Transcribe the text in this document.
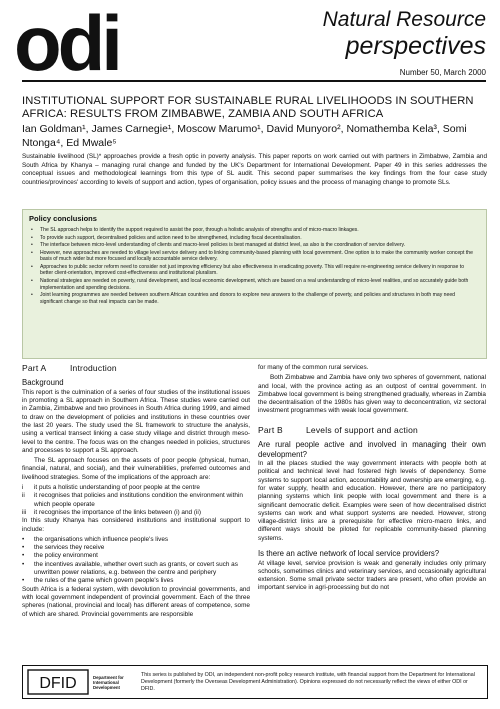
odi	Natural Resource
perspectives
Number 50, March 2000
INSTITUTIONAL SUPPORT FOR SUSTAINABLE RURAL LIVELIHOODS IN SOUTHERN AFRICA: RESULTS FROM ZIMBABWE, ZAMBIA AND SOUTH AFRICA
Ian Goldman¹, James Carnegie¹, Moscow Marumo¹, David Munyoro², Nomathemba Kela³, Somi Ntonga⁴, Ed Mwale⁵
Sustainable livelihood (SL)* approaches provide a fresh optic in poverty analysis. This paper reports on work carried out with partners in Zimbabwe, Zambia and South Africa by Khanya – managing rural change and funded by the UK's Department for International Development. Paper 49 in this series addresses the conceptual issues and methodological learnings from this type of SL audit. This second paper summarises the key findings from the four case study countries/provinces' according to levels of support and action, types of organisation, policy issues and the process of managing change to promote SLs.
Policy conclusions
• The SL approach helps to identify the support required to assist the poor, through a holistic analysis of strengths and of micro-macro linkages.
• To provide such support, decentralised policies and action need to be strengthened, including fiscal decentralisation.
• The interface between micro-level understanding of clients and macro-level policies is best managed at district level, as also is the coordination of service delivery.
• However, new approaches are needed to village level service delivery and to linking community-based planning with local government. One option is to make the community worker concept the basis of much wider but more focused and locally accountable service delivery.
• Approaches to public sector reform need to consider not just improving efficiency but also effectiveness in eradicating poverty. This will require re-engineering service delivery in response to better client-orientation, improved cost-effectiveness and institutional pluralism.
• National strategies are needed on poverty, rural development, and local economic development, which are based on a real understanding of micro-level realities, and so accurately guide both implementation and spending decisions.
• Joint learning programmes are needed between southern African countries and donors to explore new answers to the challenge of poverty, and policies and structures in both may need significant change so that real impacts can be made.
Part A	Introduction
Background

This report is the culmination of a series of four studies of the institutional issues in promoting a SL approach in Southern Africa. These studies were carried out in Zambia, Zimbabwe and two provinces in South Africa during 1999, and aimed to draw on the development of policies and institutions in these countries over the last 20 years. The study used the SL framework to structure the analysis, using a vertical transect linking a case study village and district through meso-level to the centre. The focus was on the changes needed in policies, structures and processes to support a SL approach.

The SL approach focuses on the assets of poor people (physical, human, financial, natural, and social), and their vulnerabilities, preferred outcomes and livelihood strategies. Some of the implications of the approach are:

i	it puts a holistic understanding of poor people at the centre
ii	it recognises that policies and institutions condition the environment within which people operate
iii	it recognises the importance of the links between (i) and (ii)

In this study Khanya has considered institutions and institutional support to include:

•	the organisations which influence people's lives
•	the services they receive
•	the policy environment
•	the incentives available, whether overt such as grants, or covert such as unwritten power relations, e.g. between the centre and periphery
•	the rules of the game which govern people's lives

South Africa is a federal system, with devolution to provincial governments, and with local government independent of provincial government. Each of the three spheres (national, provincial and local) has different areas of competence, some of which are shared. Provincial governments are responsible

for many of the common rural services.

Both Zimbabwe and Zambia have only two spheres of government, national and local, with the province acting as an outpost of central government. In Zimbabwe local government is being strengthened gradually, whereas in Zambia the decentralisation of the 1980s has given way to deconcentration, viz sectoral investment programmes with weak local government.

Part B	Levels of support and action
Are rural people active and involved in managing their own development?

In all the places studied the way government interacts with people both at political and technical level had fostered high levels of dependency. Some systems to support local action, accountability and ownership are emerging, e.g. for water supply, health and education. However, there are no participatory planning systems which link people with local government and there is a significant democratic deficit. Examples were seen of how decentralised district systems can work and what support systems are needed. However, strong village-district links are a prerequisite for effective micro-macro links, and different ways should be piloted for replicable community-based planning systems.

Is there an active network of local service providers?

At village level, service provision is weak and generally includes only primary schools, sometimes clinics and veterinary services, and occasionally agricultural extension. Some small private sector traders are present, who often provide an important service in agri-processing but do not

DFID	Department for International Development
This series is published by ODI, an independent non-profit policy research institute, with financial support from the Department for International Development (formerly the Overseas Development Administration). Opinions expressed do not necessarily reflect the views of either ODI or DFID.
